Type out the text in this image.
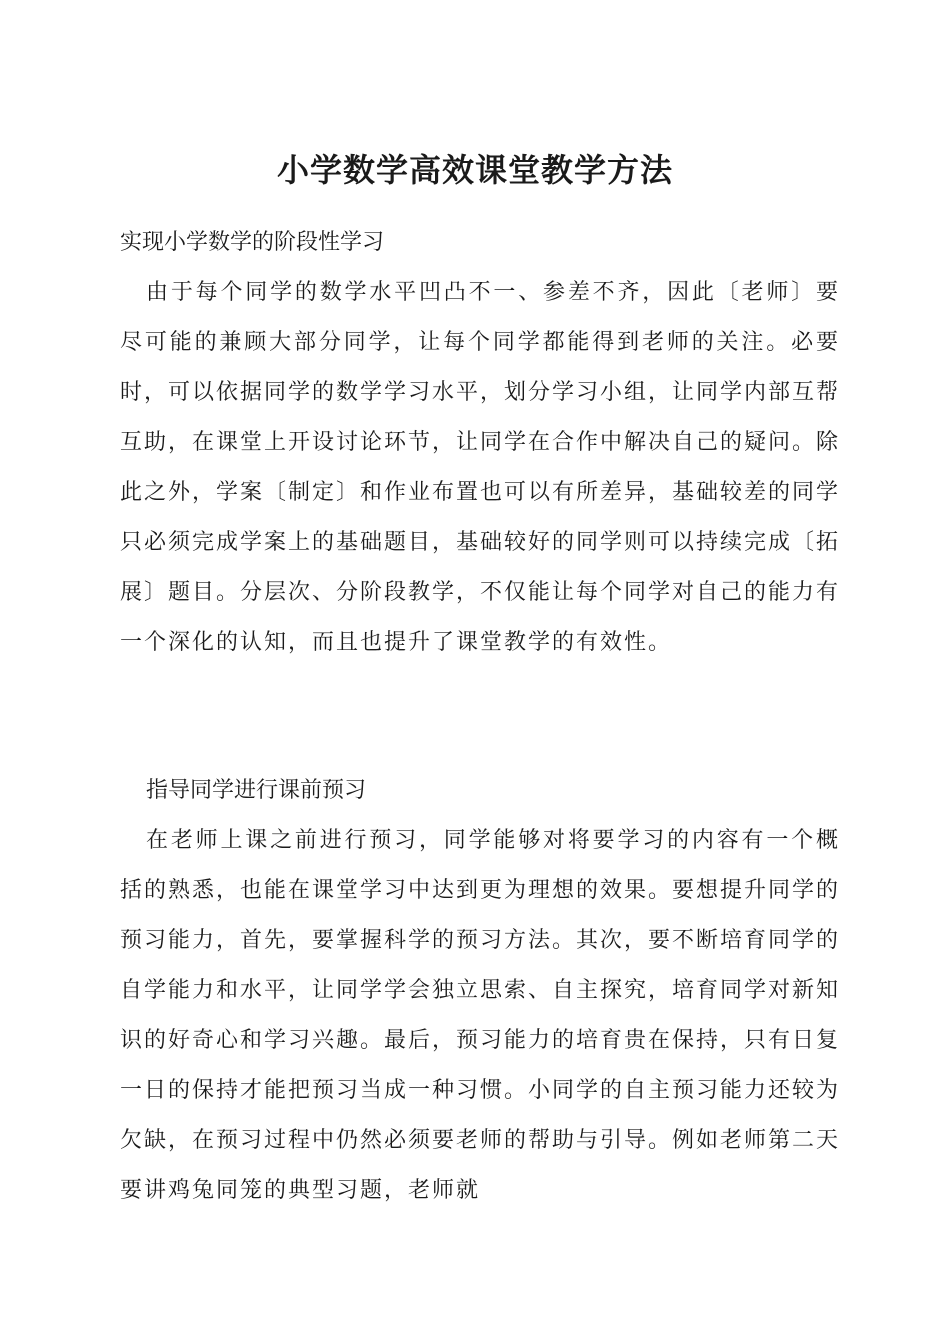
小学数学高效课堂教学方法

实现小学数学的阶段性学习

由于每个同学的数学水平凹凸不一、参差不齐，因此〔老师〕要尽可能的兼顾大部分同学，让每个同学都能得到老师的关注。必要时，可以依据同学的数学学习水平，划分学习小组，让同学内部互帮互助，在课堂上开设讨论环节，让同学在合作中解决自己的疑问。除此之外，学案〔制定〕和作业布置也可以有所差异，基础较差的同学只必须完成学案上的基础题目，基础较好的同学则可以持续完成〔拓展〕题目。分层次、分阶段教学，不仅能让每个同学对自己的能力有一个深化的认知，而且也提升了课堂教学的有效性。

指导同学进行课前预习

在老师上课之前进行预习，同学能够对将要学习的内容有一个概括的熟悉，也能在课堂学习中达到更为理想的效果。要想提升同学的预习能力，首先，要掌握科学的预习方法。其次，要不断培育同学的自学能力和水平，让同学学会独立思索、自主探究，培育同学对新知识的好奇心和学习兴趣。最后，预习能力的培育贵在保持，只有日复一日的保持才能把预习当成一种习惯。小同学的自主预习能力还较为欠缺，在预习过程中仍然必须要老师的帮助与引导。例如老师第二天要讲鸡兔同笼的典型习题，老师就
